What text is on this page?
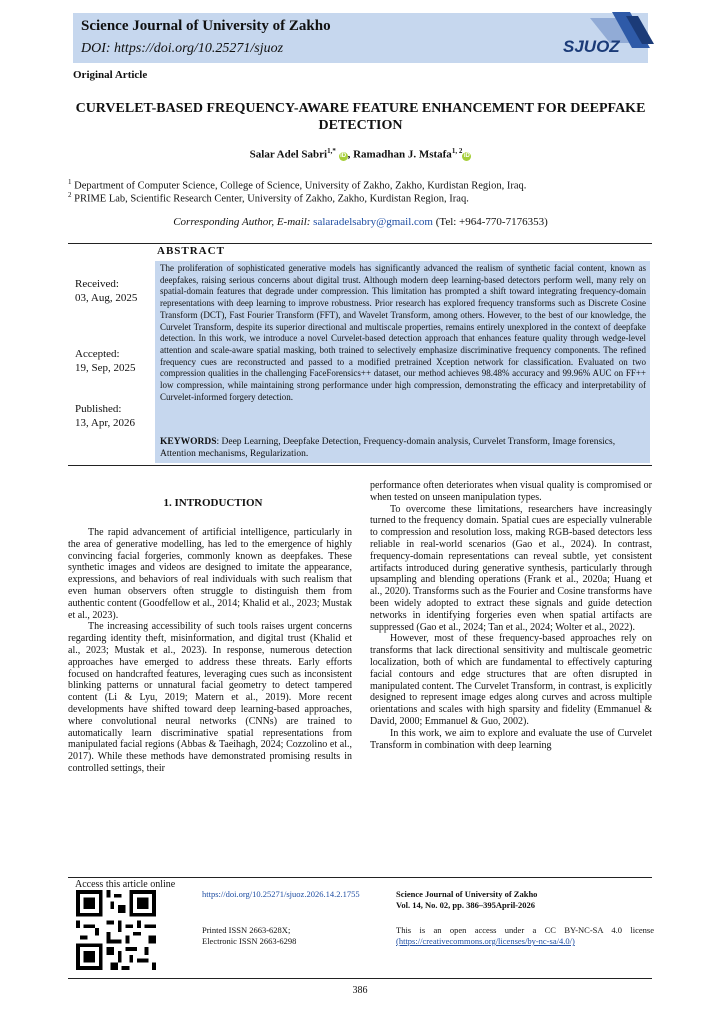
Science Journal of University of Zakho
DOI: https://doi.org/10.25271/sjuoz	SJUOZ
Original Article
CURVELET-BASED FREQUENCY-AWARE FEATURE ENHANCEMENT FOR DEEPFAKE DETECTION
Salar Adel Sabri$^{1,*}$ iD , Ramadhan J. Mstafa$^{1, 2}$iD
$^1$ Department of Computer Science, College of Science, University of Zakho, Zakho, Kurdistan Region, Iraq.
$^2$ PRIME Lab, Scientific Research Center, University of Zakho, Zakho, Kurdistan Region, Iraq.
Corresponding Author, E-mail: salaradelsabry@gmail.com (Tel: +964-770-7176353)
ABSTRACT
The proliferation of sophisticated generative models has significantly advanced the realism of synthetic facial content, known as deepfakes, raising serious concerns about digital trust. Although modern deep learning-based detectors perform well, many rely on spatial-domain features that degrade under compression. This limitation has prompted a shift toward integrating frequency-domain representations with deep learning to improve robustness. Prior research has explored frequency transforms such as Discrete Cosine Transform (DCT), Fast Fourier Transform (FFT), and Wavelet Transform, among others. However, to the best of our knowledge, the Curvelet Transform, despite its superior directional and multiscale properties, remains entirely unexplored in the context of deepfake detection. In this work, we introduce a novel Curvelet-based detection approach that enhances feature quality through wedge-level attention and scale-aware spatial masking, both trained to selectively emphasize discriminative frequency components. The refined frequency cues are reconstructed and passed to a modified pretrained Xception network for classification. Evaluated on two compression qualities in the challenging FaceForensics++ dataset, our method achieves 98.48% accuracy and 99.96% AUC on FF++ low compression, while maintaining strong performance under high compression, demonstrating the efficacy and interpretability of Curvelet-informed forgery detection.
KEYWORDS: Deep Learning, Deepfake Detection, Frequency-domain analysis, Curvelet Transform, Image forensics, Attention mechanisms, Regularization.
Received:
03, Aug, 2025
Accepted:
19, Sep, 2025
Published:
13, Apr, 2026
1. INTRODUCTION

The rapid advancement of artificial intelligence, particularly in the area of generative modelling, has led to the emergence of highly convincing facial forgeries, commonly known as deepfakes. These synthetic images and videos are designed to imitate the appearance, expressions, and behaviors of real individuals with such realism that even human observers often struggle to distinguish them from authentic content (Goodfellow et al., 2014; Khalid et al., 2023; Mustak et al., 2023).

The increasing accessibility of such tools raises urgent concerns regarding identity theft, misinformation, and digital trust (Khalid et al., 2023; Mustak et al., 2023). In response, numerous detection approaches have emerged to address these threats. Early efforts focused on handcrafted features, leveraging cues such as inconsistent blinking patterns or unnatural facial geometry to detect tampered content (Li & Lyu, 2019; Matern et al., 2019). More recent developments have shifted toward deep learning-based approaches, where convolutional neural networks (CNNs) are trained to automatically learn discriminative spatial representations from manipulated facial regions (Abbas & Taeihagh, 2024; Cozzolino et al., 2017). While these methods have demonstrated promising results in controlled settings, their

performance often deteriorates when visual quality is compromised or when tested on unseen manipulation types.

To overcome these limitations, researchers have increasingly turned to the frequency domain. Spatial cues are especially vulnerable to compression and resolution loss, making RGB-based detectors less reliable in real-world scenarios (Gao et al., 2024). In contrast, frequency-domain representations can reveal subtle, yet consistent artifacts introduced during generative synthesis, particularly through upsampling and blending operations (Frank et al., 2020a; Huang et al., 2020). Transforms such as the Fourier and Cosine transforms have been widely adopted to extract these signals and guide detection networks in identifying forgeries even when spatial artifacts are suppressed (Gao et al., 2024; Tan et al., 2024; Wolter et al., 2022).

However, most of these frequency-based approaches rely on transforms that lack directional sensitivity and multiscale geometric localization, both of which are fundamental to effectively capturing facial contours and edge structures that are often disrupted in manipulated content. The Curvelet Transform, in contrast, is explicitly designed to represent image edges along curves and across multiple orientations and scales with high sparsity and fidelity (Emmanuel & David, 2000; Emmanuel & Guo, 2002).

In this work, we aim to explore and evaluate the use of Curvelet Transform in combination with deep learning

Access this article online
https://doi.org/10.25271/sjuoz.2026.14.2.1755
Printed ISSN 2663-628X;
Electronic ISSN 2663-6298
Science Journal of University of Zakho
Vol. 14, No. 02, pp. 386–395April-2026
This is an open access under a CC BY-NC-SA 4.0 license (https://creativecommons.org/licenses/by-nc-sa/4.0/)
386
